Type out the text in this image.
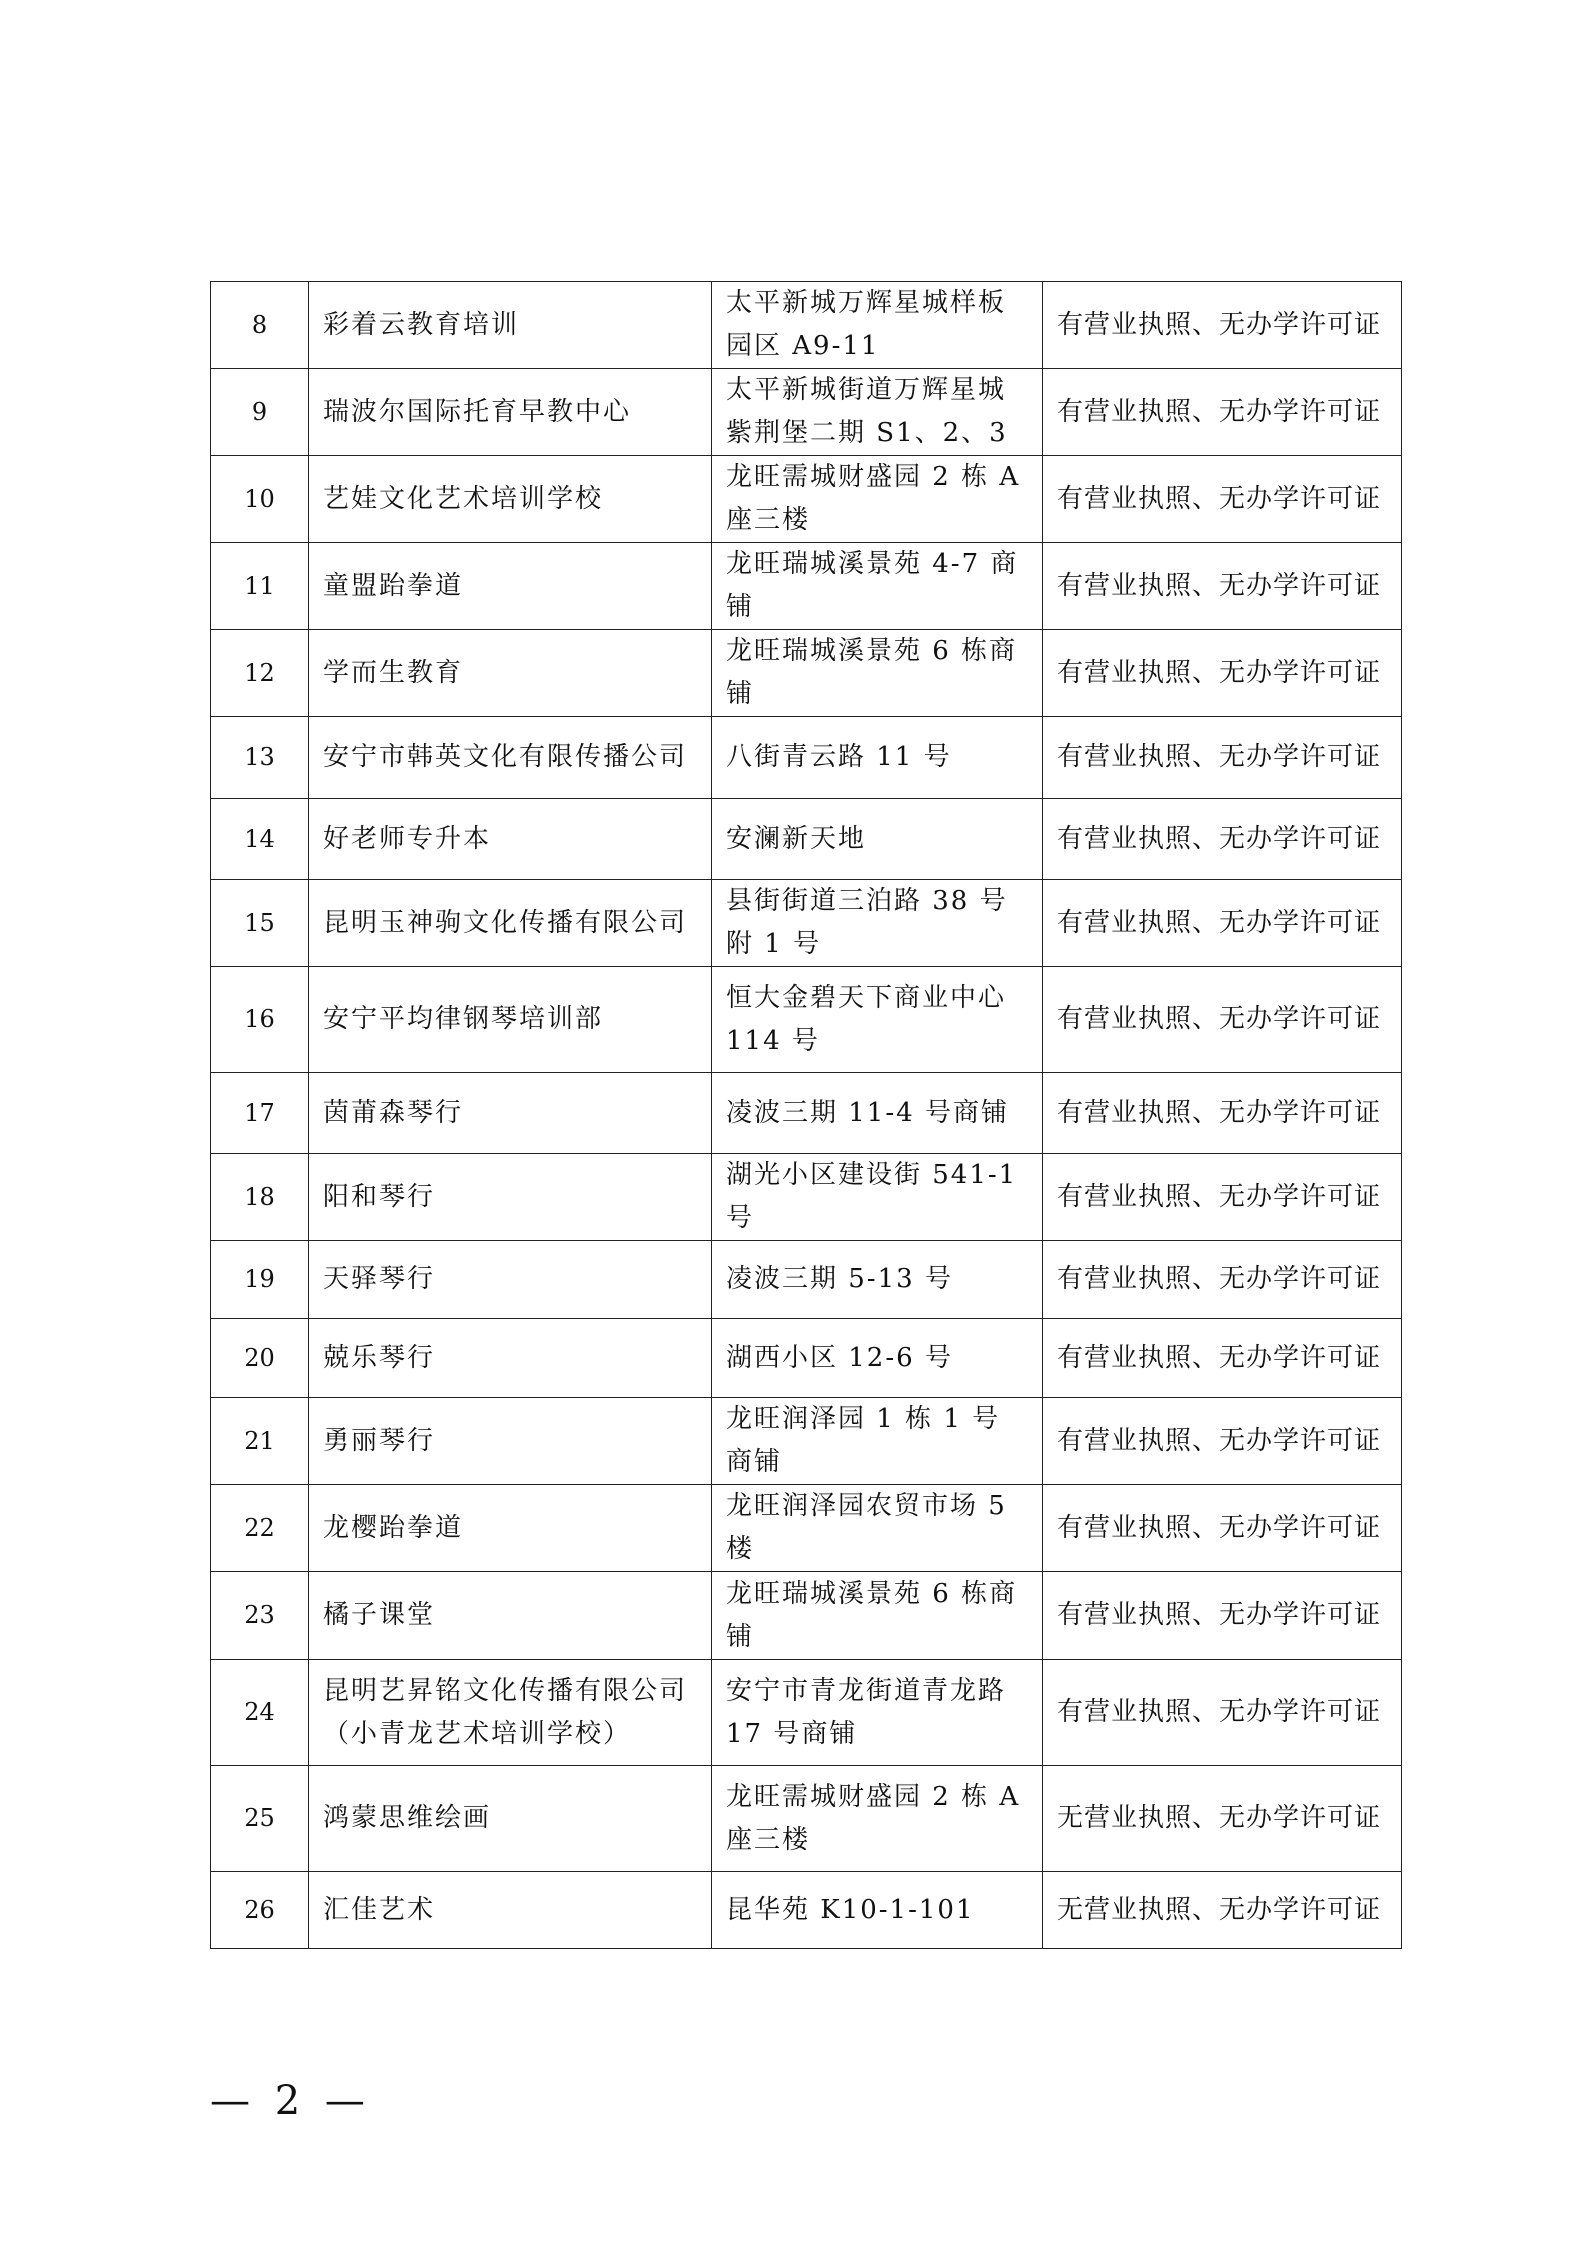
8	彩着云教育培训	太平新城万辉星城样板园区 A9-11	有营业执照、无办学许可证
9	瑞波尔国际托育早教中心	太平新城街道万辉星城紫荆堡二期 S1、2、3	有营业执照、无办学许可证
10	艺娃文化艺术培训学校	龙旺需城财盛园 2 栋 A 座三楼	有营业执照、无办学许可证
11	童盟跆拳道	龙旺瑞城溪景苑 4-7 商铺	有营业执照、无办学许可证
12	学而生教育	龙旺瑞城溪景苑 6 栋商铺	有营业执照、无办学许可证
13	安宁市韩英文化有限传播公司	八街青云路 11 号	有营业执照、无办学许可证
14	好老师专升本	安澜新天地	有营业执照、无办学许可证
15	昆明玉神驹文化传播有限公司	县街街道三泊路 38 号附 1 号	有营业执照、无办学许可证
16	安宁平均律钢琴培训部	恒大金碧天下商业中心 114 号	有营业执照、无办学许可证
17	茵莆森琴行	凌波三期 11-4 号商铺	有营业执照、无办学许可证
18	阳和琴行	湖光小区建设街 541-1 号	有营业执照、无办学许可证
19	天驿琴行	凌波三期 5-13 号	有营业执照、无办学许可证
20	兢乐琴行	湖西小区 12-6 号	有营业执照、无办学许可证
21	勇丽琴行	龙旺润泽园 1 栋 1 号商铺	有营业执照、无办学许可证
22	龙樱跆拳道	龙旺润泽园农贸市场 5 楼	有营业执照、无办学许可证
23	橘子课堂	龙旺瑞城溪景苑 6 栋商铺	有营业执照、无办学许可证
24	昆明艺昇铭文化传播有限公司（小青龙艺术培训学校）	安宁市青龙街道青龙路 17 号商铺	有营业执照、无办学许可证
25	鸿蒙思维绘画	龙旺需城财盛园 2 栋 A 座三楼	无营业执照、无办学许可证
26	汇佳艺术	昆华苑 K10-1-101	无营业执照、无办学许可证
— 2 —
